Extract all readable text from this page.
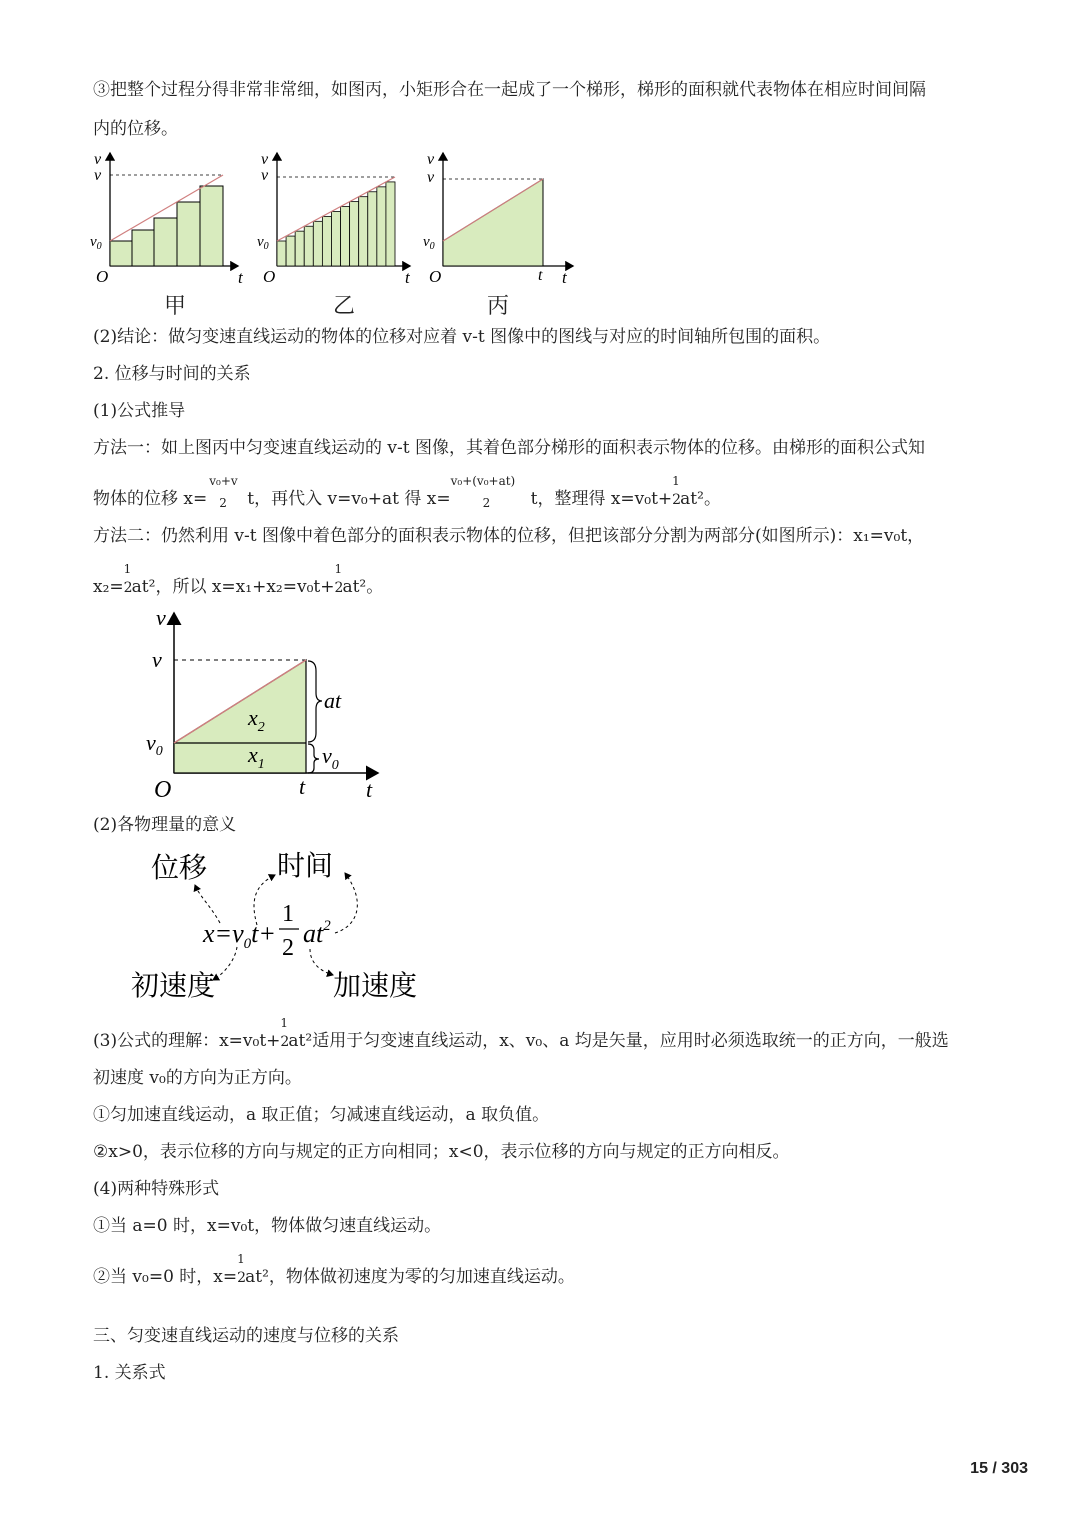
③把整个过程分得非常非常细，如图丙，小矩形合在一起成了一个梯形，梯形的面积就代表物体在相应时间间隔
内的位移。
v
v
$v_0$
O	t
v
v
$v_0$
O	t
v
v
$v_0$
O	t t
甲	乙	丙
(2)结论：做匀变速直线运动的物体的位移对应着 v-t 图像中的图线与对应的时间轴所包围的面积。
2. 位移与时间的关系
(1)公式推导
方法一：如上图丙中匀变速直线运动的 v-t 图像，其着色部分梯形的面积表示物体的位移。由梯形的面积公式知
物体的位移 x=
v₀+v
2 t，再代入 v=v₀+at 得 x=
v₀+(v₀+at)
2 t，整理得 x=v₀t+
1
2 at²。
方法二：仍然利用 v-t 图像中着色部分的面积表示物体的位移，但把该部分分割为两部分(如图所示)：x₁=v₀t，
x₂=
1
2 at²，所以 x=x₁+x₂=v₀t+
1
2 at²。
v
v
$v_0$
$x_2$
$x_1$
at
$v_0$
O	t	t
(2)各物理量的意义
位移 时间
初速度	加速度
$x=v_0t+$
1
2 $at^2$
(3)公式的理解：x=v₀t+
1
2 at²适用于匀变速直线运动，x、v₀、a 均是矢量，应用时必须选取统一的正方向，一般选
初速度 v₀的方向为正方向。
①匀加速直线运动，a 取正值；匀减速直线运动，a 取负值。
②x>0，表示位移的方向与规定的正方向相同；x<0，表示位移的方向与规定的正方向相反。
(4)两种特殊形式
①当 a=0 时，x=v₀t，物体做匀速直线运动。
②当 v₀=0 时，x=
1
2 at²，物体做初速度为零的匀加速直线运动。
三、匀变速直线运动的速度与位移的关系
1. 关系式
15 / 303
